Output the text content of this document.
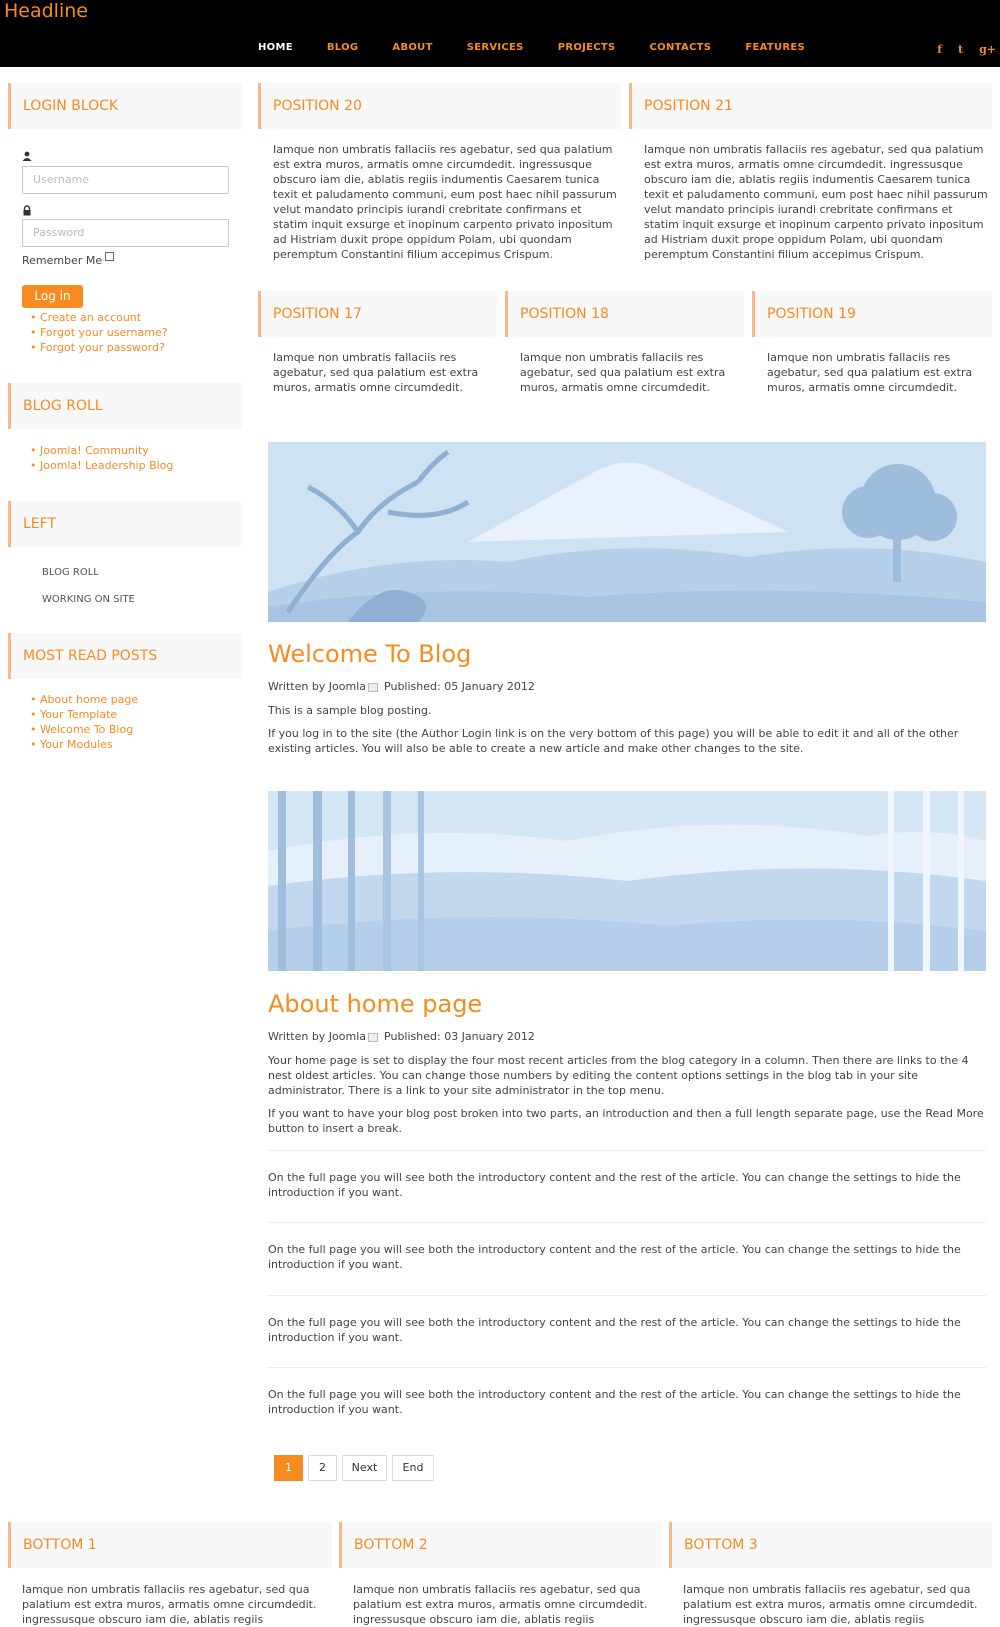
Headline
HOME	BLOG	ABOUT	SERVICES	PROJECTS	CONTACTS	FEATURES	f t g+
LOGIN BLOCK
Username
Password
Remember Me
Log in
• Create an account
• Forgot your username?
• Forgot your password?
BLOG ROLL
• Joomla! Community
• Joomla! Leadership Blog
LEFT
BLOG ROLL
WORKING ON SITE
MOST READ POSTS
• About home page
• Your Template
• Welcome To Blog
• Your Modules
POSITION 20
Iamque non umbratis fallaciis res agebatur, sed qua palatium est extra muros, armatis omne circumdedit. ingressusque obscuro iam die, ablatis regiis indumentis Caesarem tunica texit et paludamento communi, eum post haec nihil passurum velut mandato principis iurandi crebritate confirmans et statim inquit exsurge et inopinum carpento privato inpositum ad Histriam duxit prope oppidum Polam, ubi quondam peremptum Constantini filium accepimus Crispum.
POSITION 21
Iamque non umbratis fallaciis res agebatur, sed qua palatium est extra muros, armatis omne circumdedit. ingressusque obscuro iam die, ablatis regiis indumentis Caesarem tunica texit et paludamento communi, eum post haec nihil passurum velut mandato principis iurandi crebritate confirmans et statim inquit exsurge et inopinum carpento privato inpositum ad Histriam duxit prope oppidum Polam, ubi quondam peremptum Constantini filium accepimus Crispum.
POSITION 17
Iamque non umbratis fallaciis res agebatur, sed qua palatium est extra muros, armatis omne circumdedit.
POSITION 18
Iamque non umbratis fallaciis res agebatur, sed qua palatium est extra muros, armatis omne circumdedit.
POSITION 19
Iamque non umbratis fallaciis res agebatur, sed qua palatium est extra muros, armatis omne circumdedit.
Welcome To Blog
Written by Joomla Published: 05 January 2012
This is a sample blog posting.
If you log in to the site (the Author Login link is on the very bottom of this page) you will be able to edit it and all of the other existing articles. You will also be able to create a new article and make other changes to the site.
About home page
Written by Joomla Published: 03 January 2012
Your home page is set to display the four most recent articles from the blog category in a column. Then there are links to the 4 nest oldest articles. You can change those numbers by editing the content options settings in the blog tab in your site administrator. There is a link to your site administrator in the top menu.
If you want to have your blog post broken into two parts, an introduction and then a full length separate page, use the Read More button to insert a break.
On the full page you will see both the introductory content and the rest of the article. You can change the settings to hide the introduction if you want.
On the full page you will see both the introductory content and the rest of the article. You can change the settings to hide the introduction if you want.
On the full page you will see both the introductory content and the rest of the article. You can change the settings to hide the introduction if you want.
On the full page you will see both the introductory content and the rest of the article. You can change the settings to hide the introduction if you want.
1	2	Next	End
BOTTOM 1
Iamque non umbratis fallaciis res agebatur, sed qua palatium est extra muros, armatis omne circumdedit. ingressusque obscuro iam die, ablatis regiis
BOTTOM 2
Iamque non umbratis fallaciis res agebatur, sed qua palatium est extra muros, armatis omne circumdedit. ingressusque obscuro iam die, ablatis regiis
BOTTOM 3
Iamque non umbratis fallaciis res agebatur, sed qua palatium est extra muros, armatis omne circumdedit. ingressusque obscuro iam die, ablatis regiis
